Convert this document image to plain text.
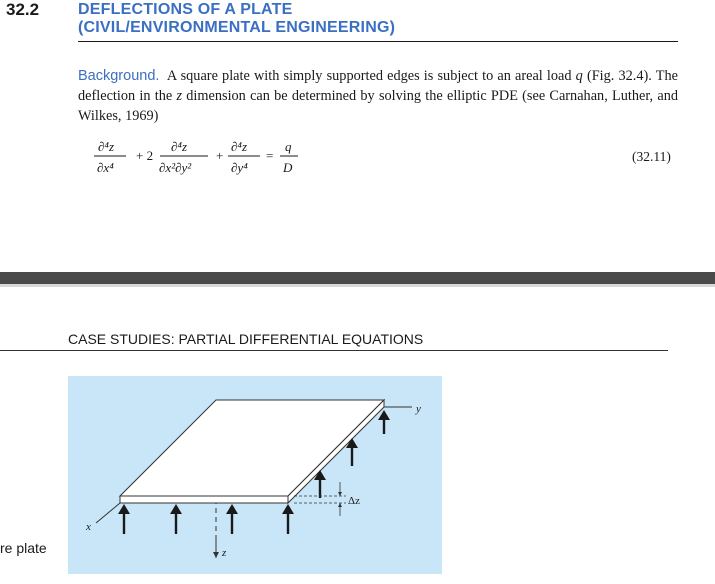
32.2 DEFLECTIONS OF A PLATE
(CIVIL/ENVIRONMENTAL ENGINEERING)
Background. A square plate with simply supported edges is subject to an areal load q (Fig. 32.4). The deflection in the z dimension can be determined by solving the elliptic PDE (see Carnahan, Luther, and Wilkes, 1969)
∂⁴z
∂x⁴
+ 2
∂⁴z
∂x²∂y²
+
∂⁴z
∂y⁴
=
q
D
(32.11)
CASE STUDIES: PARTIAL DIFFERENTIAL EQUATIONS
y
x
z
Δz
re plate
